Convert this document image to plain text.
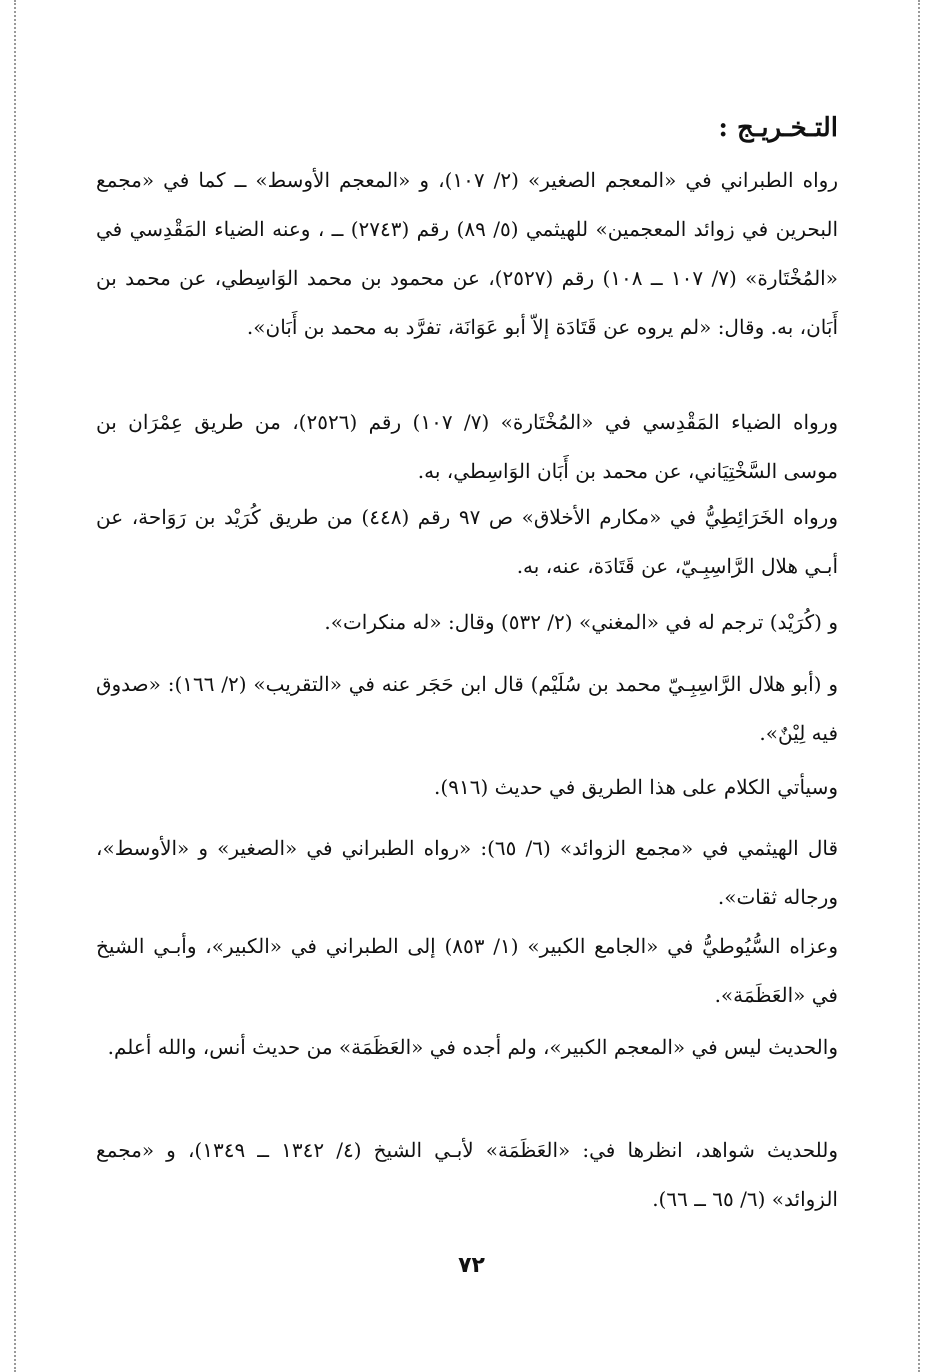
التـخـريـج :

رواه الطبراني في «المعجم الصغير» (٢/ ١٠٧)، و «المعجم الأوسط» ــ كما في «مجمع البحرين في زوائد المعجمين» للهيثمي (٥/ ٨٩) رقم (٢٧٤٣) ــ ، وعنه الضياء المَقْدِسي في «المُخْتَارة» (٧/ ١٠٧ ــ ١٠٨) رقم (٢٥٢٧)، عن محمود بن محمد الوَاسِطي، عن محمد بن أَبَان، به. وقال: «لم يروه عن قَتَادَة إلاّ أبو عَوَانَة، تفرَّد به محمد بن أَبَان».

ورواه الضياء المَقْدِسي في «المُخْتَارة» (٧/ ١٠٧) رقم (٢٥٢٦)، من طريق عِمْرَان بن موسى السَّخْتِيَاني، عن محمد بن أَبَان الوَاسِطي، به.

ورواه الخَرَائِطِيُّ في «مكارم الأخلاق» ص ٩٧ رقم (٤٤٨) من طريق كُرَيْد بن رَوَاحة، عن أبـي هلال الرَّاسِبِـيّ، عن قَتَادَة، عنه، به.

و (كُرَيْد) ترجم له في «المغني» (٢/ ٥٣٢) وقال: «له منكرات».

و (أبو هلال الرَّاسِبِـيّ محمد بن سُلَيْم) قال ابن حَجَر عنه في «التقريب» (٢/ ١٦٦): «صدوق فيه لِيْنٌ».

وسيأتي الكلام على هذا الطريق في حديث (٩١٦).

قال الهيثمي في «مجمع الزوائد» (٦/ ٦٥): «رواه الطبراني في «الصغير» و «الأوسط»، ورجاله ثقات».

وعزاه السُّيُوطيُّ في «الجامع الكبير» (١/ ٨٥٣) إلى الطبراني في «الكبير»، وأبـي الشيخ في «العَظَمَة».

والحديث ليس في «المعجم الكبير»، ولم أجده في «العَظَمَة» من حديث أنس، والله أعلم.

وللحديث شواهد، انظرها في: «العَظَمَة» لأبـي الشيخ (٤/ ١٣٤٢ ــ ١٣٤٩)، و «مجمع الزوائد» (٦/ ٦٥ ــ ٦٦).

٧٢
